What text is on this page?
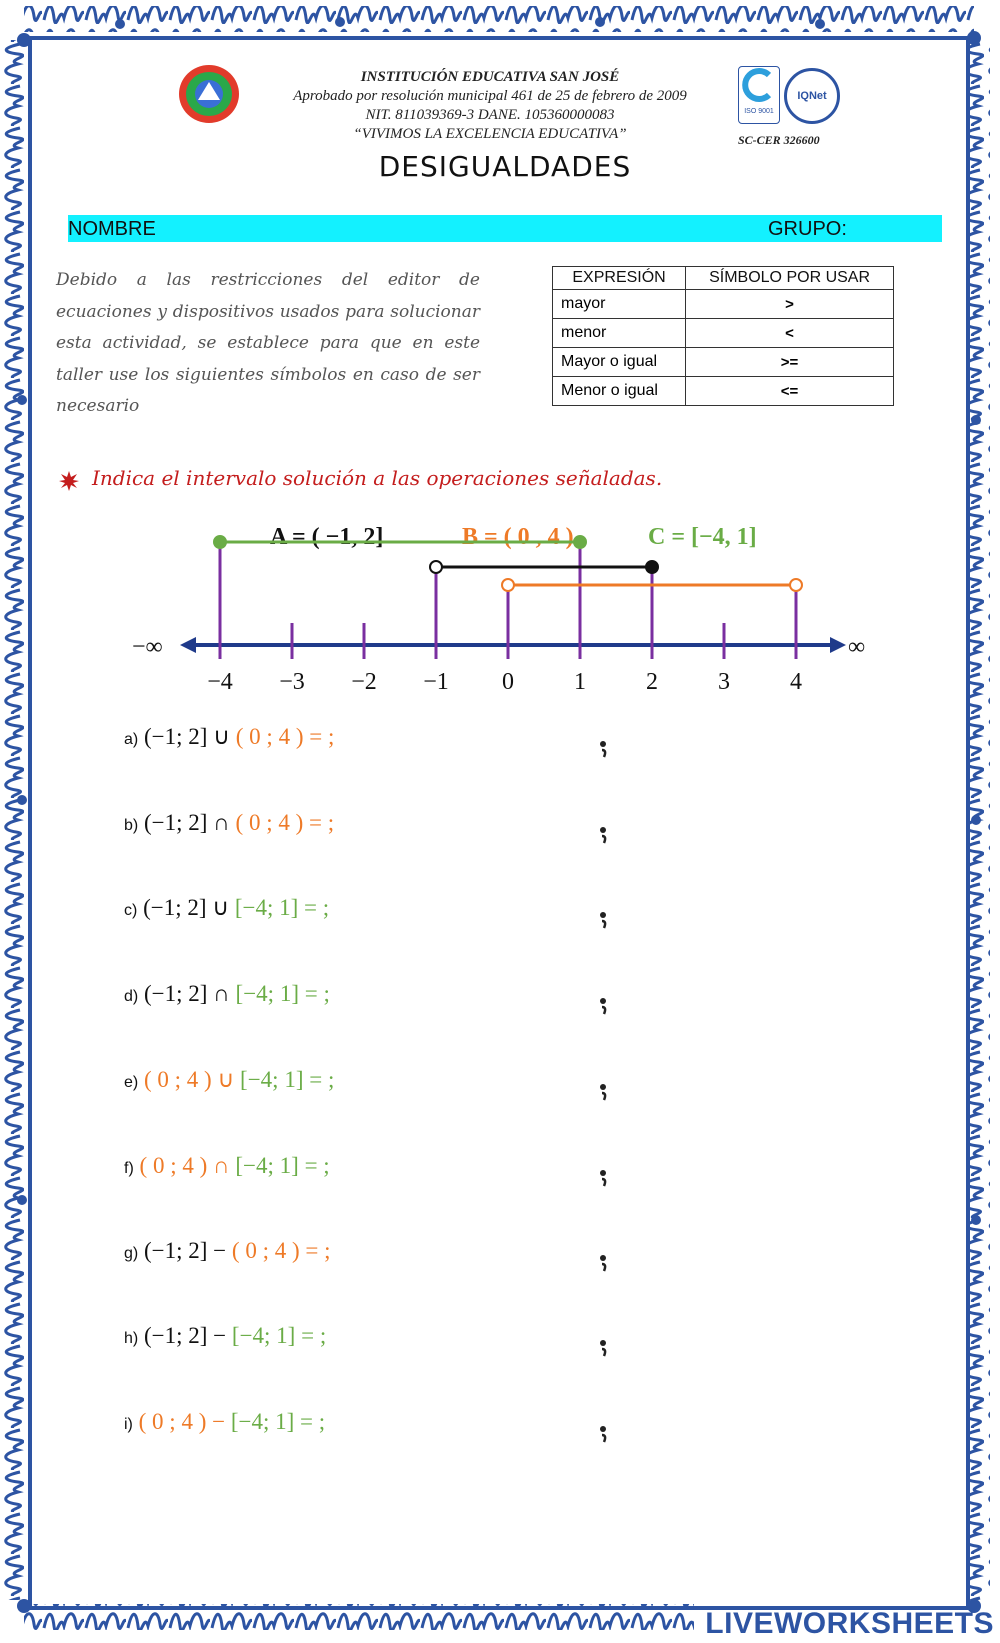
ISO 9001
IQNet
SC-CER 326600
INSTITUCIÓN EDUCATIVA SAN JOSÉ
Aprobado por resolución municipal 461 de 25 de febrero de 2009
NIT. 811039369-3 DANE. 105360000083
“VIVIMOS LA EXCELENCIA EDUCATIVA”
DESIGUALDADES
NOMBRE	GRUPO:
Debido a las restricciones del editor de ecuaciones y dispositivos usados para solucionar esta actividad, se establece para que en este taller use los siguientes símbolos en caso de ser necesario
EXPRESIÓN	SÍMBOLO POR USAR
mayor	>
menor	<
Mayor o igual	>=
Menor o igual	<=
Indica el intervalo solución a las operaciones señaladas.
A = ( −1, 2]	B = ( 0 , 4 )	C = [−4, 1]
−∞	∞
−4 −3 −2 −1 0	1	2	3	4
a) (−1; 2] ∪ ( 0 ; 4 ) = ;
b) (−1; 2] ∩ ( 0 ; 4 ) = ;
c) (−1; 2] ∪ [−4; 1] = ;
d) (−1; 2] ∩ [−4; 1] = ;
e) ( 0 ; 4 ) ∪ [−4; 1] = ;
f) ( 0 ; 4 ) ∩ [−4; 1] = ;
g) (−1; 2] − ( 0 ; 4 ) = ;
h) (−1; 2] − [−4; 1] = ;
i) ( 0 ; 4 ) − [−4; 1] = ;
LIVEWORKSHEETS
